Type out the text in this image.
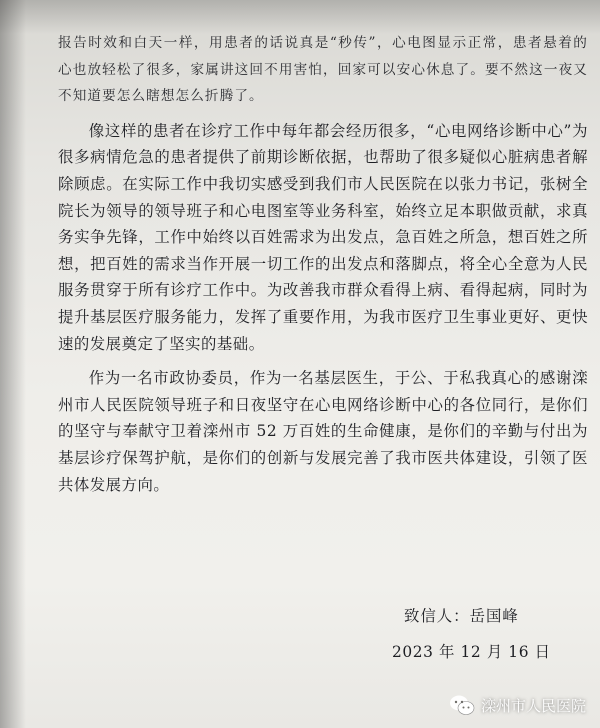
报告时效和白天一样，用患者的话说真是“秒传”，心电图显示正常，患者悬着的心也放轻松了很多，家属讲这回不用害怕，回家可以安心休息了。要不然这一夜又不知道要怎么瞎想怎么折腾了。

像这样的患者在诊疗工作中每年都会经历很多，“心电网络诊断中心”为很多病情危急的患者提供了前期诊断依据，也帮助了很多疑似心脏病患者解除顾虑。在实际工作中我切实感受到我们市人民医院在以张力书记，张树全院长为领导的领导班子和心电图室等业务科室，始终立足本职做贡献，求真务实争先锋，工作中始终以百姓需求为出发点，急百姓之所急，想百姓之所想，把百姓的需求当作开展一切工作的出发点和落脚点，将全心全意为人民服务贯穿于所有诊疗工作中。为改善我市群众看得上病、看得起病，同时为提升基层医疗服务能力，发挥了重要作用，为我市医疗卫生事业更好、更快速的发展奠定了坚实的基础。

作为一名市政协委员，作为一名基层医生，于公、于私我真心的感谢滦州市人民医院领导班子和日夜坚守在心电网络诊断中心的各位同行，是你们的坚守与奉献守卫着滦州市 52 万百姓的生命健康，是你们的辛勤与付出为基层诊疗保驾护航，是你们的创新与发展完善了我市医共体建设，引领了医共体发展方向。

致信人：岳国峰
2023 年 12 月 16 日
滦州市人民医院
